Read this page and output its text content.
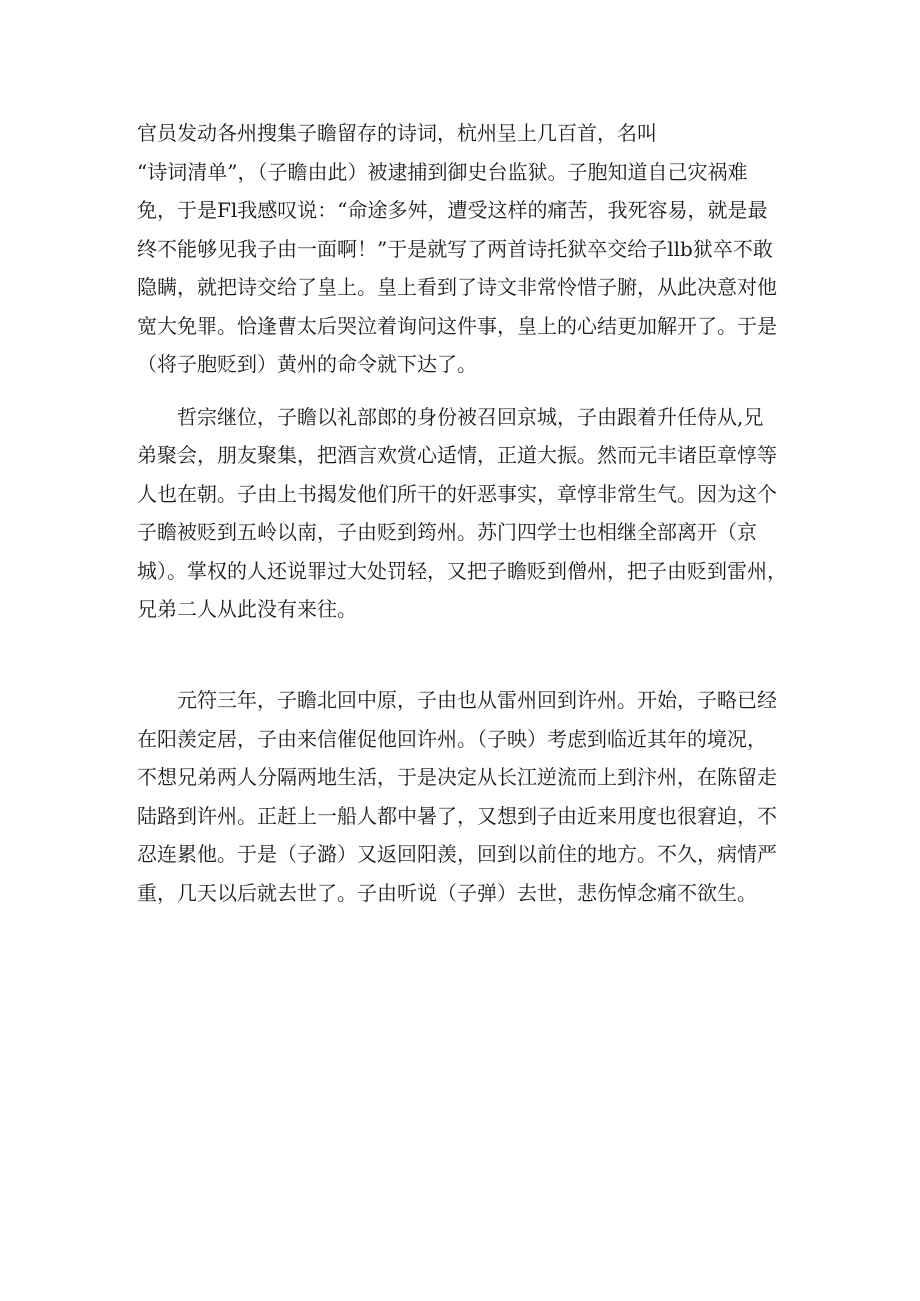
官员发动各州搜集子瞻留存的诗词，杭州呈上几百首，名叫
“诗词清单”，（子瞻由此）被逮捕到御史台监狱。子胞知道自己灾祸难
免，于是Fl我感叹说：“命途多舛，遭受这样的痛苦，我死容易，就是最
终不能够见我子由一面啊！”于是就写了两首诗托狱卒交给子llb狱卒不敢
隐瞒，就把诗交给了皇上。皇上看到了诗文非常怜惜子腑，从此决意对他
宽大免罪。恰逢曹太后哭泣着询问这件事，皇上的心结更加解开了。于是
（将子胞贬到）黄州的命令就下达了。
哲宗继位，子瞻以礼部郎的身份被召回京城，子由跟着升任侍从,兄
弟聚会，朋友聚集，把酒言欢赏心适情，正道大振。然而元丰诸臣章惇等
人也在朝。子由上书揭发他们所干的奸恶事实，章惇非常生气。因为这个
子瞻被贬到五岭以南，子由贬到筠州。苏门四学士也相继全部离开（京
城）。掌权的人还说罪过大处罚轻，又把子瞻贬到僧州，把子由贬到雷州，
兄弟二人从此没有来往。
元符三年，子瞻北回中原，子由也从雷州回到许州。开始，子略已经
在阳羡定居，子由来信催促他回许州。（子映）考虑到临近其年的境况，
不想兄弟两人分隔两地生活，于是决定从长江逆流而上到汴州，在陈留走
陆路到许州。正赶上一船人都中暑了，又想到子由近来用度也很窘迫，不
忍连累他。于是（子潞）又返回阳羡，回到以前住的地方。不久，病情严
重，几天以后就去世了。子由听说（子弹）去世，悲伤悼念痛不欲生。
